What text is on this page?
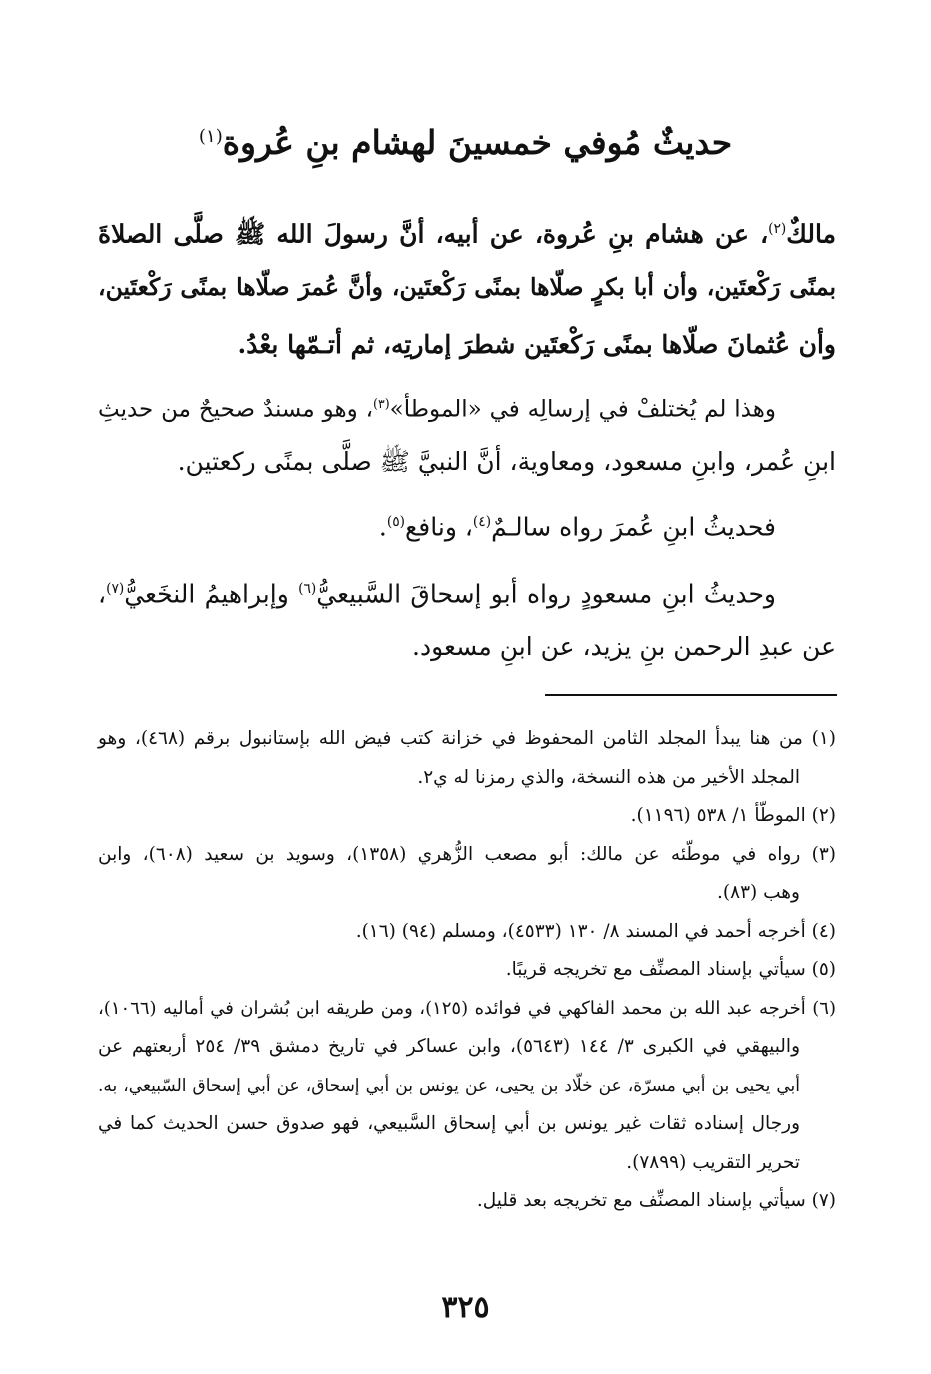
حديثٌ مُوفي خمسينَ لهشام بنِ عُروة$^{(١)}$
مالكٌ$^{(٢)}$، عن هشام بنِ عُروة، عن أبيه، أنَّ رسولَ الله ﷺ صلَّى الصلاةَ
بمنًى رَكْعتَين، وأن أبا بكرٍ صلّاها بمنًى رَكْعتَين، وأنَّ عُمرَ صلّاها بمنًى رَكْعتَين،
وأن عُثمانَ صلّاها بمنًى رَكْعتَين شطرَ إمارتِه، ثم أتـمّها بعْدُ.
وهذا لم يُختلفْ في إرسالِه في «الموطأ»$^{(٣)}$، وهو مسندٌ صحيحٌ من حديثِ
ابنِ عُمر، وابنِ مسعود، ومعاوية، أنَّ النبيَّ ﷺ صلَّى بمنًى ركعتين.
فحديثُ ابنِ عُمرَ رواه سالـمٌ$^{(٤)}$، ونافع$^{(٥)}$.
وحديثُ ابنِ مسعودٍ رواه أبو إسحاقَ السَّبيعيُّ$^{(٦)}$ وإبراهيمُ النخَعيُّ$^{(٧)}$،
عن عبدِ الرحمن بنِ يزيد، عن ابنِ مسعود.
(١) من هنا يبدأ المجلد الثامن المحفوظ في خزانة كتب فيض الله بإستانبول برقم (٤٦٨)، وهو
المجلد الأخير من هذه النسخة، والذي رمزنا له ي٢.
(٢) الموطّأ ١/ ٥٣٨ (١١٩٦).
(٣) رواه في موطّئه عن مالك: أبو مصعب الزُّهري (١٣٥٨)، وسويد بن سعيد (٦٠٨)، وابن
وهب (٨٣).
(٤) أخرجه أحمد في المسند ٨/ ١٣٠ (٤٥٣٣)، ومسلم (٩٤) (١٦).
(٥) سيأتي بإسناد المصنِّف مع تخريجه قريبًا.
(٦) أخرجه عبد الله بن محمد الفاكهي في فوائده (١٢٥)، ومن طريقه ابن بُشران في أماليه (١٠٦٦)،
والبيهقي في الكبرى ٣/ ١٤٤ (٥٦٤٣)، وابن عساكر في تاريخ دمشق ٣٩/ ٢٥٤ أربعتهم عن
أبي يحيى بن أبي مسرّة، عن خلّاد بن يحيى، عن يونس بن أبي إسحاق، عن أبي إسحاق السّبيعي، به.
ورجال إسناده ثقات غير يونس بن أبي إسحاق السَّبيعي، فهو صدوق حسن الحديث كما في
تحرير التقريب (٧٨٩٩).
(٧) سيأتي بإسناد المصنِّف مع تخريجه بعد قليل.
٣٢٥
